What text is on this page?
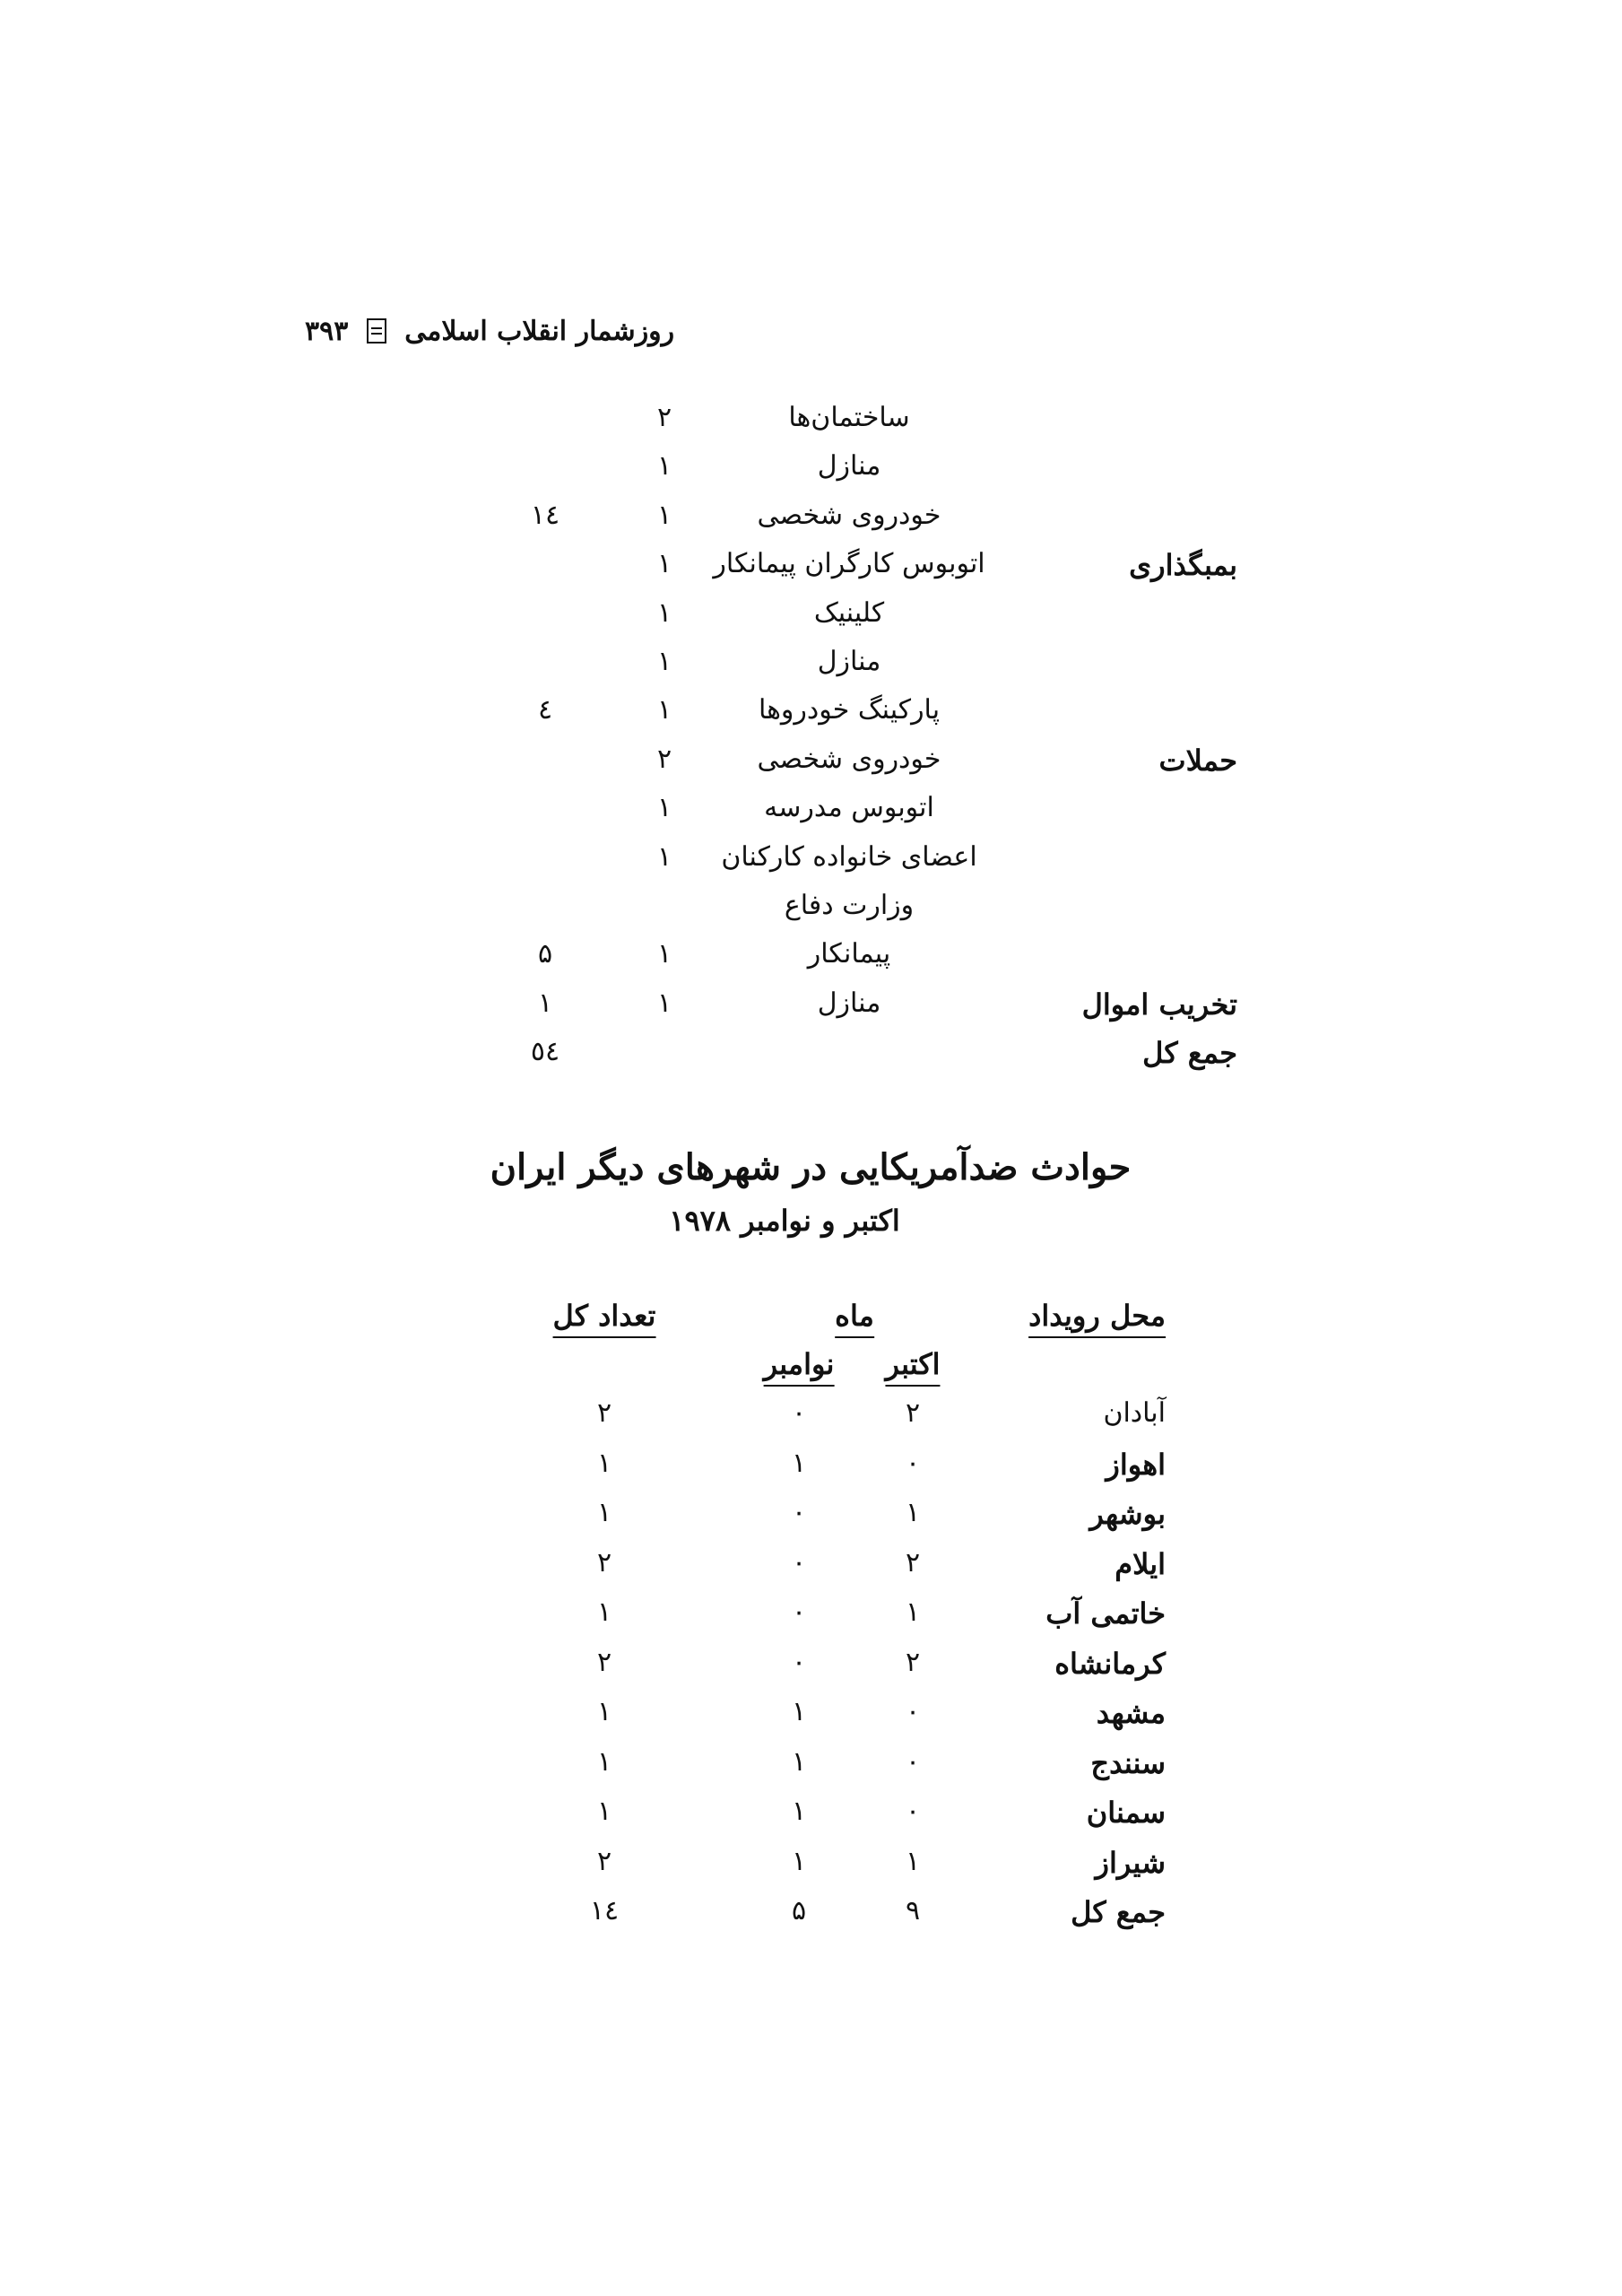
۳۹۳ روزشمار انقلاب اسلامی
ساختمان‌ها
۲
منازل
۱
خودروی شخصی
۱
۱٤
بمبگذاری
اتوبوس کارگران پیمانکار
۱
کلینیک
۱
منازل
۱
پارکینگ خودروها
۱
٤
حملات
خودروی شخصی
۲
اتوبوس مدرسه
۱
اعضای خانواده کارکنان
۱
وزارت دفاع
پیمانکار
۱
۵
تخریب اموال
منازل
۱
۱
جمع کل
٥٤
حوادث ضدآمریکایی در شهرهای دیگر ایران
اکتبر و نوامبر ۱۹۷۸
محل رویداد
ماه
تعداد کل
اکتبر
نوامبر
آبادان
۲
۰
۲
اهواز
۰
۱
۱
بوشهر
۱
۰
۱
ایلام
۲
۰
۲
خاتمی آب
۱
۰
۱
کرمانشاه
۲
۰
۲
مشهد
۰
۱
۱
سنندج
۰
۱
۱
سمنان
۰
۱
۱
شیراز
۱
۱
۲
جمع کل
۹
۵
۱٤
